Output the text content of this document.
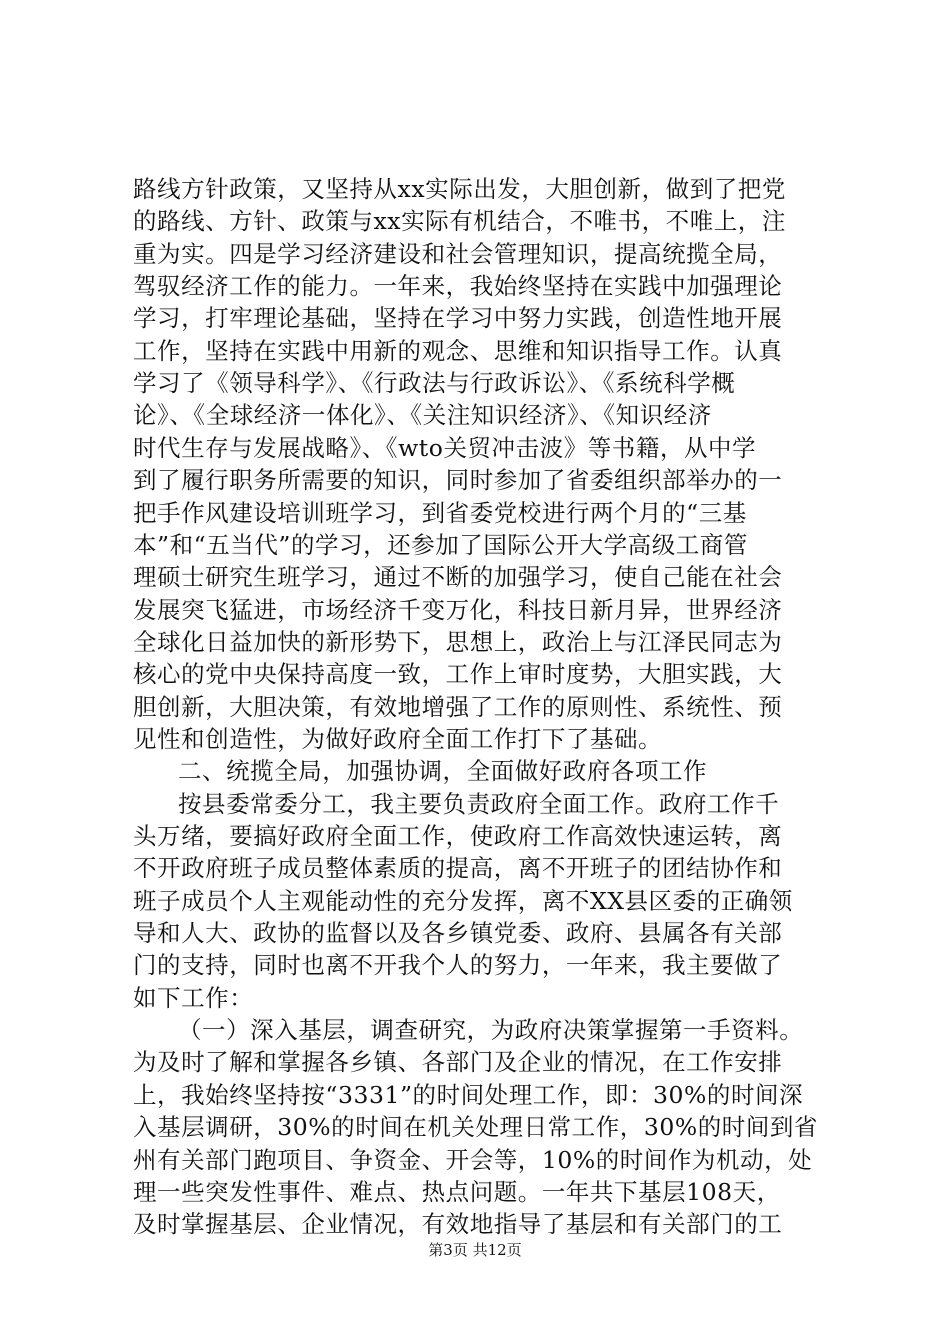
路线方针政策，又坚持从xx实际出发，大胆创新，做到了把党
的路线、方针、政策与xx实际有机结合，不唯书，不唯上，注
重为实。四是学习经济建设和社会管理知识，提高统揽全局，
驾驭经济工作的能力。一年来，我始终坚持在实践中加强理论
学习，打牢理论基础，坚持在学习中努力实践，创造性地开展
工作，坚持在实践中用新的观念、思维和知识指导工作。认真
学习了《领导科学》、《行政法与行政诉讼》、《系统科学概
论》、《全球经济一体化》、《关注知识经济》、《知识经济
时代生存与发展战略》、《wto关贸冲击波》等书籍，从中学
到了履行职务所需要的知识，同时参加了省委组织部举办的一
把手作风建设培训班学习，到省委党校进行两个月的“三基
本”和“五当代”的学习，还参加了国际公开大学高级工商管
理硕士研究生班学习，通过不断的加强学习，使自己能在社会
发展突飞猛进，市场经济千变万化，科技日新月异，世界经济
全球化日益加快的新形势下，思想上，政治上与江泽民同志为
核心的党中央保持高度一致，工作上审时度势，大胆实践，大
胆创新，大胆决策，有效地增强了工作的原则性、系统性、预
见性和创造性，为做好政府全面工作打下了基础。
二、统揽全局，加强协调，全面做好政府各项工作
按县委常委分工，我主要负责政府全面工作。政府工作千
头万绪，要搞好政府全面工作，使政府工作高效快速运转，离
不开政府班子成员整体素质的提高，离不开班子的团结协作和
班子成员个人主观能动性的充分发挥，离不XX县区委的正确领
导和人大、政协的监督以及各乡镇党委、政府、县属各有关部
门的支持，同时也离不开我个人的努力，一年来，我主要做了
如下工作：
（一）深入基层，调查研究，为政府决策掌握第一手资料。
为及时了解和掌握各乡镇、各部门及企业的情况，在工作安排
上，我始终坚持按“3331”的时间处理工作，即：30%的时间深
入基层调研，30%的时间在机关处理日常工作，30%的时间到省
州有关部门跑项目、争资金、开会等，10%的时间作为机动，处
理一些突发性事件、难点、热点问题。一年共下基层108天，
及时掌握基层、企业情况，有效地指导了基层和有关部门的工
第3页 共12页
